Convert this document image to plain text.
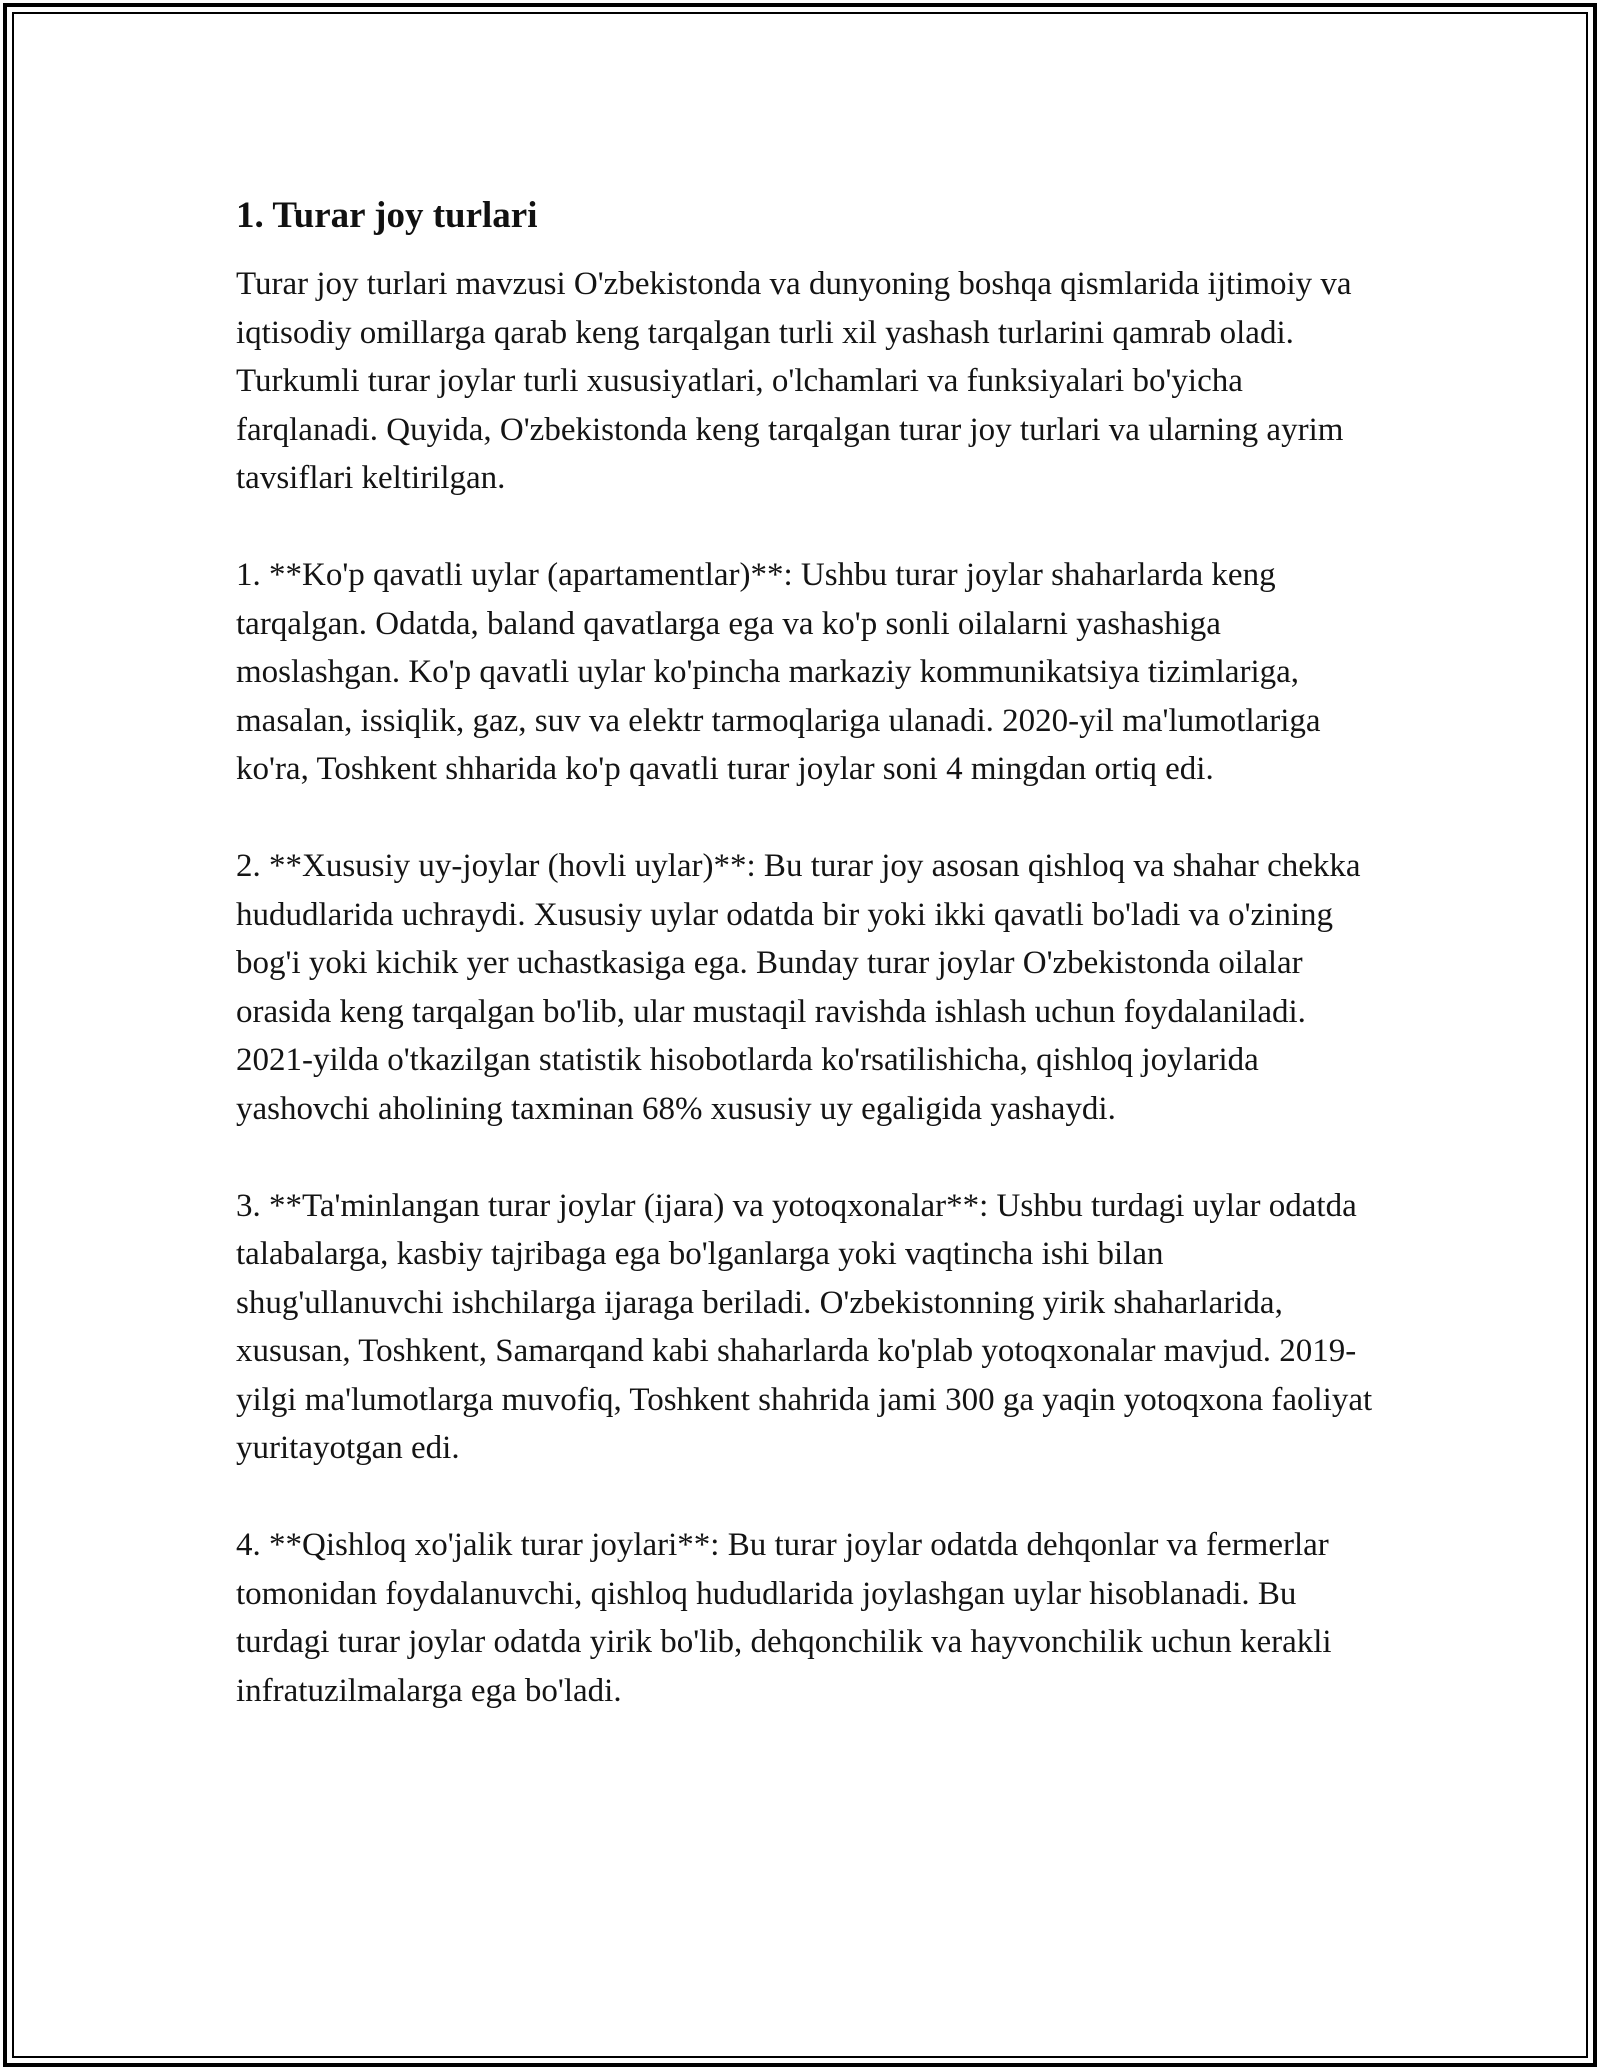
1. Turar joy turlari

Turar joy turlari mavzusi O'zbekistonda va dunyoning boshqa qismlarida ijtimoiy va iqtisodiy omillarga qarab keng tarqalgan turli xil yashash turlarini qamrab oladi. Turkumli turar joylar turli xususiyatlari, o'lchamlari va funksiyalari bo'yicha farqlanadi. Quyida, O'zbekistonda keng tarqalgan turar joy turlari va ularning ayrim tavsiflari keltirilgan.

1. **Ko'p qavatli uylar (apartamentlar)**: Ushbu turar joylar shaharlarda keng tarqalgan. Odatda, baland qavatlarga ega va ko'p sonli oilalarni yashashiga moslashgan. Ko'p qavatli uylar ko'pincha markaziy kommunikatsiya tizimlariga, masalan, issiqlik, gaz, suv va elektr tarmoqlariga ulanadi. 2020-yil ma'lumotlariga ko'ra, Toshkent shharida ko'p qavatli turar joylar soni 4 mingdan ortiq edi.

2. **Xususiy uy-joylar (hovli uylar)**: Bu turar joy asosan qishloq va shahar chekka hududlarida uchraydi. Xususiy uylar odatda bir yoki ikki qavatli bo'ladi va o'zining bog'i yoki kichik yer uchastkasiga ega. Bunday turar joylar O'zbekistonda oilalar orasida keng tarqalgan bo'lib, ular mustaqil ravishda ishlash uchun foydalaniladi. 2021-yilda o'tkazilgan statistik hisobotlarda ko'rsatilishicha, qishloq joylarida yashovchi aholining taxminan 68% xususiy uy egaligida yashaydi.

3. **Ta'minlangan turar joylar (ijara) va yotoqxonalar**: Ushbu turdagi uylar odatda talabalarga, kasbiy tajribaga ega bo'lganlarga yoki vaqtincha ishi bilan shug'ullanuvchi ishchilarga ijaraga beriladi. O'zbekistonning yirik shaharlarida, xususan, Toshkent, Samarqand kabi shaharlarda ko'plab yotoqxonalar mavjud. 2019-yilgi ma'lumotlarga muvofiq, Toshkent shahrida jami 300 ga yaqin yotoqxona faoliyat yuritayotgan edi.

4. **Qishloq xo'jalik turar joylari**: Bu turar joylar odatda dehqonlar va fermerlar tomonidan foydalanuvchi, qishloq hududlarida joylashgan uylar hisoblanadi. Bu turdagi turar joylar odatda yirik bo'lib, dehqonchilik va hayvonchilik uchun kerakli infratuzilmalarga ega bo'ladi.
